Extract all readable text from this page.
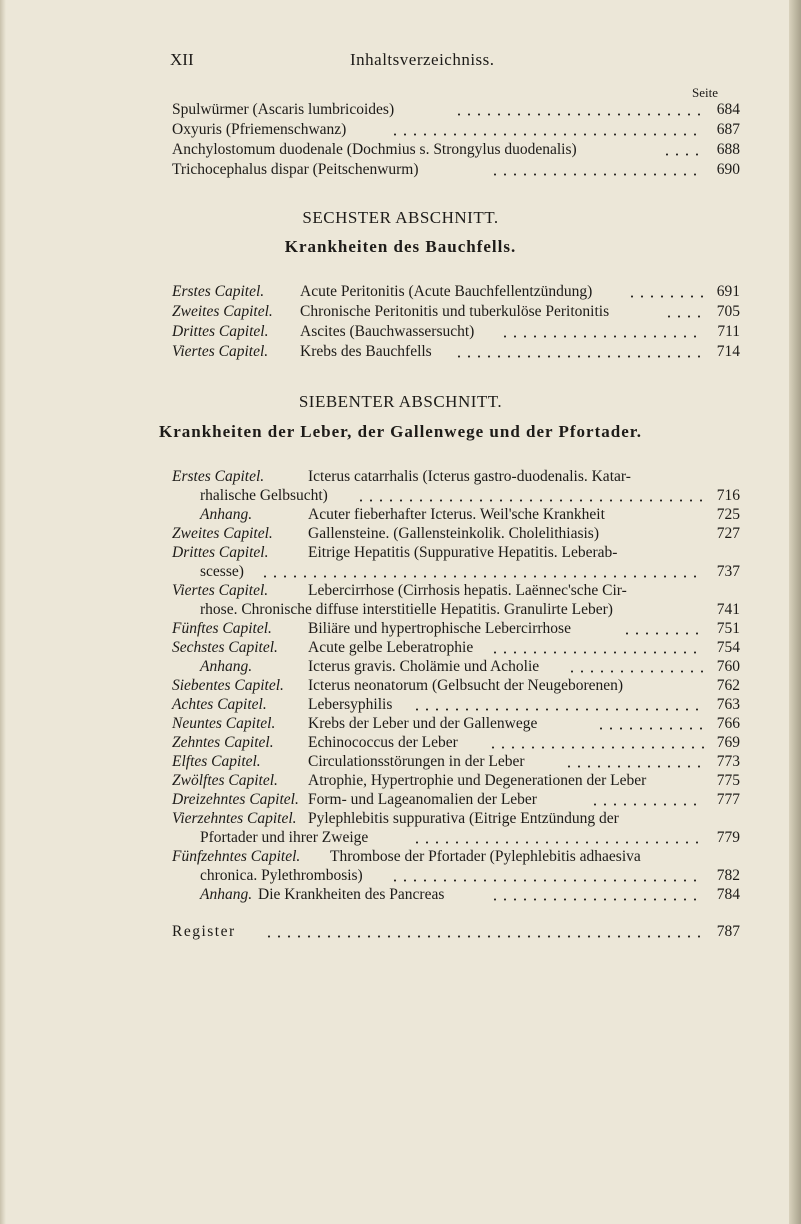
XII	Inhaltsverzeichniss.
Seite
Spulwürmer (Ascaris lumbricoides)	684
Oxyuris (Pfriemenschwanz)	687
Anchylostomum duodenale (Dochmius s. Strongylus duodenalis)	688
Trichocephalus dispar (Peitschenwurm)	690
SECHSTER ABSCHNITT.
Krankheiten des Bauchfells.
Erstes Capitel. Acute Peritonitis (Acute Bauchfellentzündung)	691
Zweites Capitel. Chronische Peritonitis und tuberkulöse Peritonitis	705
Drittes Capitel. Ascites (Bauchwassersucht)	711
Viertes Capitel. Krebs des Bauchfells	714
SIEBENTER ABSCHNITT.
Krankheiten der Leber, der Gallenwege und der Pfortader.
Erstes Capitel.	Icterus catarrhalis (Icterus gastro-duodenalis. Katar-
rhalische Gelbsucht)	716
Anhang.	Acuter fieberhafter Icterus. Weil'sche Krankheit	725
Zweites Capitel. Gallensteine. (Gallensteinkolik. Cholelithiasis)	727
Drittes Capitel.	Eitrige Hepatitis (Suppurative Hepatitis. Leberab-
scesse)	737
Viertes Capitel.	Lebercirrhose (Cirrhosis hepatis. Laënnec'sche Cir-
rhose. Chronische diffuse interstitielle Hepatitis. Granulirte Leber)	741
Fünftes Capitel. Biliäre und hypertrophische Lebercirrhose	751
Sechstes Capitel. Acute gelbe Leberatrophie	754
Anhang.	Icterus gravis. Cholämie und Acholie	760
Siebentes Capitel. Icterus neonatorum (Gelbsucht der Neugeborenen)	762
Achtes Capitel.	Lebersyphilis	763
Neuntes Capitel. Krebs der Leber und der Gallenwege	766
Zehntes Capitel. Echinococcus der Leber	769
Elftes Capitel.	Circulationsstörungen in der Leber	773
Zwölftes Capitel. Atrophie, Hypertrophie und Degenerationen der Leber	775
Dreizehntes Capitel. Form- und Lageanomalien der Leber	777
Vierzehntes Capitel. Pylephlebitis suppurativa (Eitrige Entzündung der
Pfortader und ihrer Zweige	779
Fünfzehntes Capitel. Thrombose der Pfortader (Pylephlebitis adhaesiva
chronica. Pylethrombosis)	782
Anhang. Die Krankheiten des Pancreas	784
Register	787
